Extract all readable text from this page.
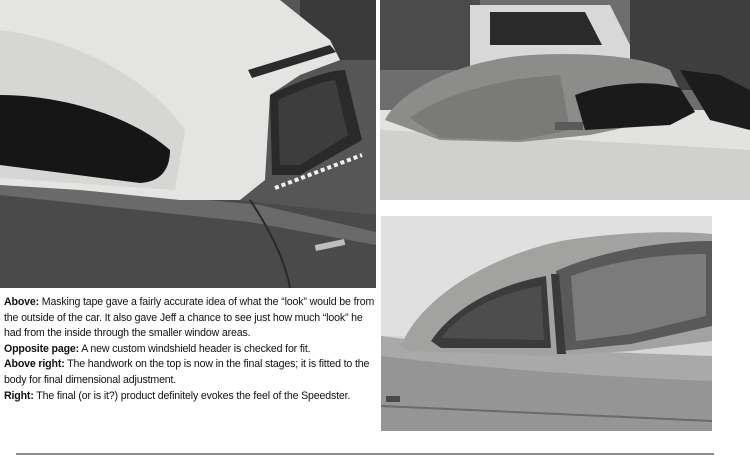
Above: Masking tape gave a fairly accurate idea of what the “look” would be from the outside of the car. It also gave Jeff a chance to see just how much “look” he had from the inside through the smaller window areas.

Opposite page: A new custom windshield header is checked for fit.

Above right: The handwork on the top is now in the final stages; it is fitted to the body for final dimensional adjustment.

Right: The final (or is it?) product definitely evokes the feel of the Speedster.
